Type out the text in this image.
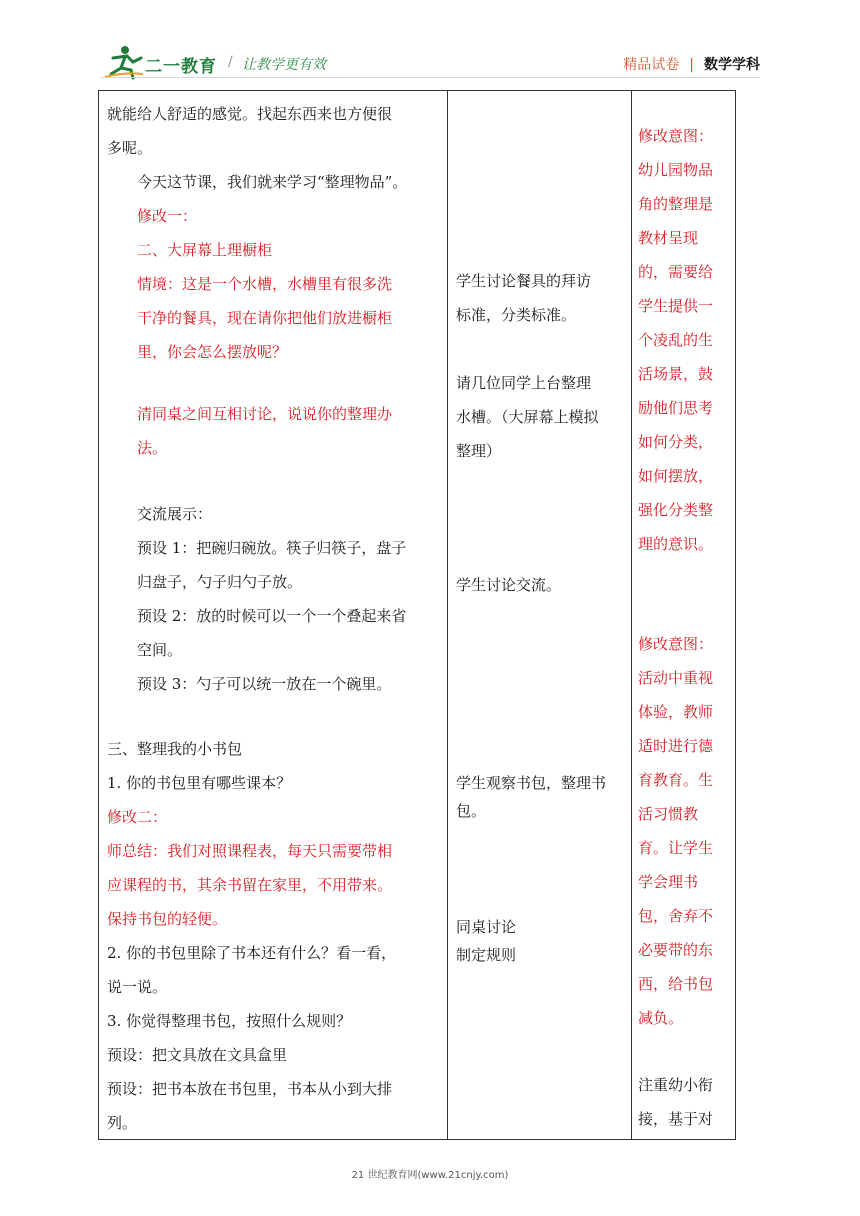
二一教育 / 让教学更有效	精品试卷 | 数学学科
就能给人舒适的感觉。找起东西来也方便很
多呢。
今天这节课，我们就来学习“整理物品”。
修改一：
二、大屏幕上理橱柜
情境：这是一个水槽，水槽里有很多洗
干净的餐具，现在请你把他们放进橱柜
里，你会怎么摆放呢？
清同桌之间互相讨论，说说你的整理办
法。
交流展示：
预设 1：把碗归碗放。筷子归筷子，盘子
归盘子，勺子归勺子放。
预设 2：放的时候可以一个一个叠起来省
空间。
预设 3：勺子可以统一放在一个碗里。
三、整理我的小书包
1. 你的书包里有哪些课本？
修改二：
师总结：我们对照课程表，每天只需要带相
应课程的书，其余书留在家里，不用带来。
保持书包的轻便。
2. 你的书包里除了书本还有什么？看一看，
说一说。
3. 你觉得整理书包，按照什么规则？
预设：把文具放在文具盒里
预设：把书本放在书包里，书本从小到大排
列。
学生讨论餐具的拜访
标准，分类标准。
请几位同学上台整理
水槽。（大屏幕上模拟
整理）
学生讨论交流。
学生观察书包，整理书
包。
同桌讨论
制定规则
修改意图：
幼儿园物品
角的整理是
教材呈现
的，需要给
学生提供一
个凌乱的生
活场景，鼓
励他们思考
如何分类，
如何摆放，
强化分类整
理的意识。
修改意图：
活动中重视
体验，教师
适时进行德
育教育。生
活习惯教
育。让学生
学会理书
包，舍弃不
必要带的东
西，给书包
减负。
注重幼小衔
接，基于对
21 世纪教育网(www.21cnjy.com)
